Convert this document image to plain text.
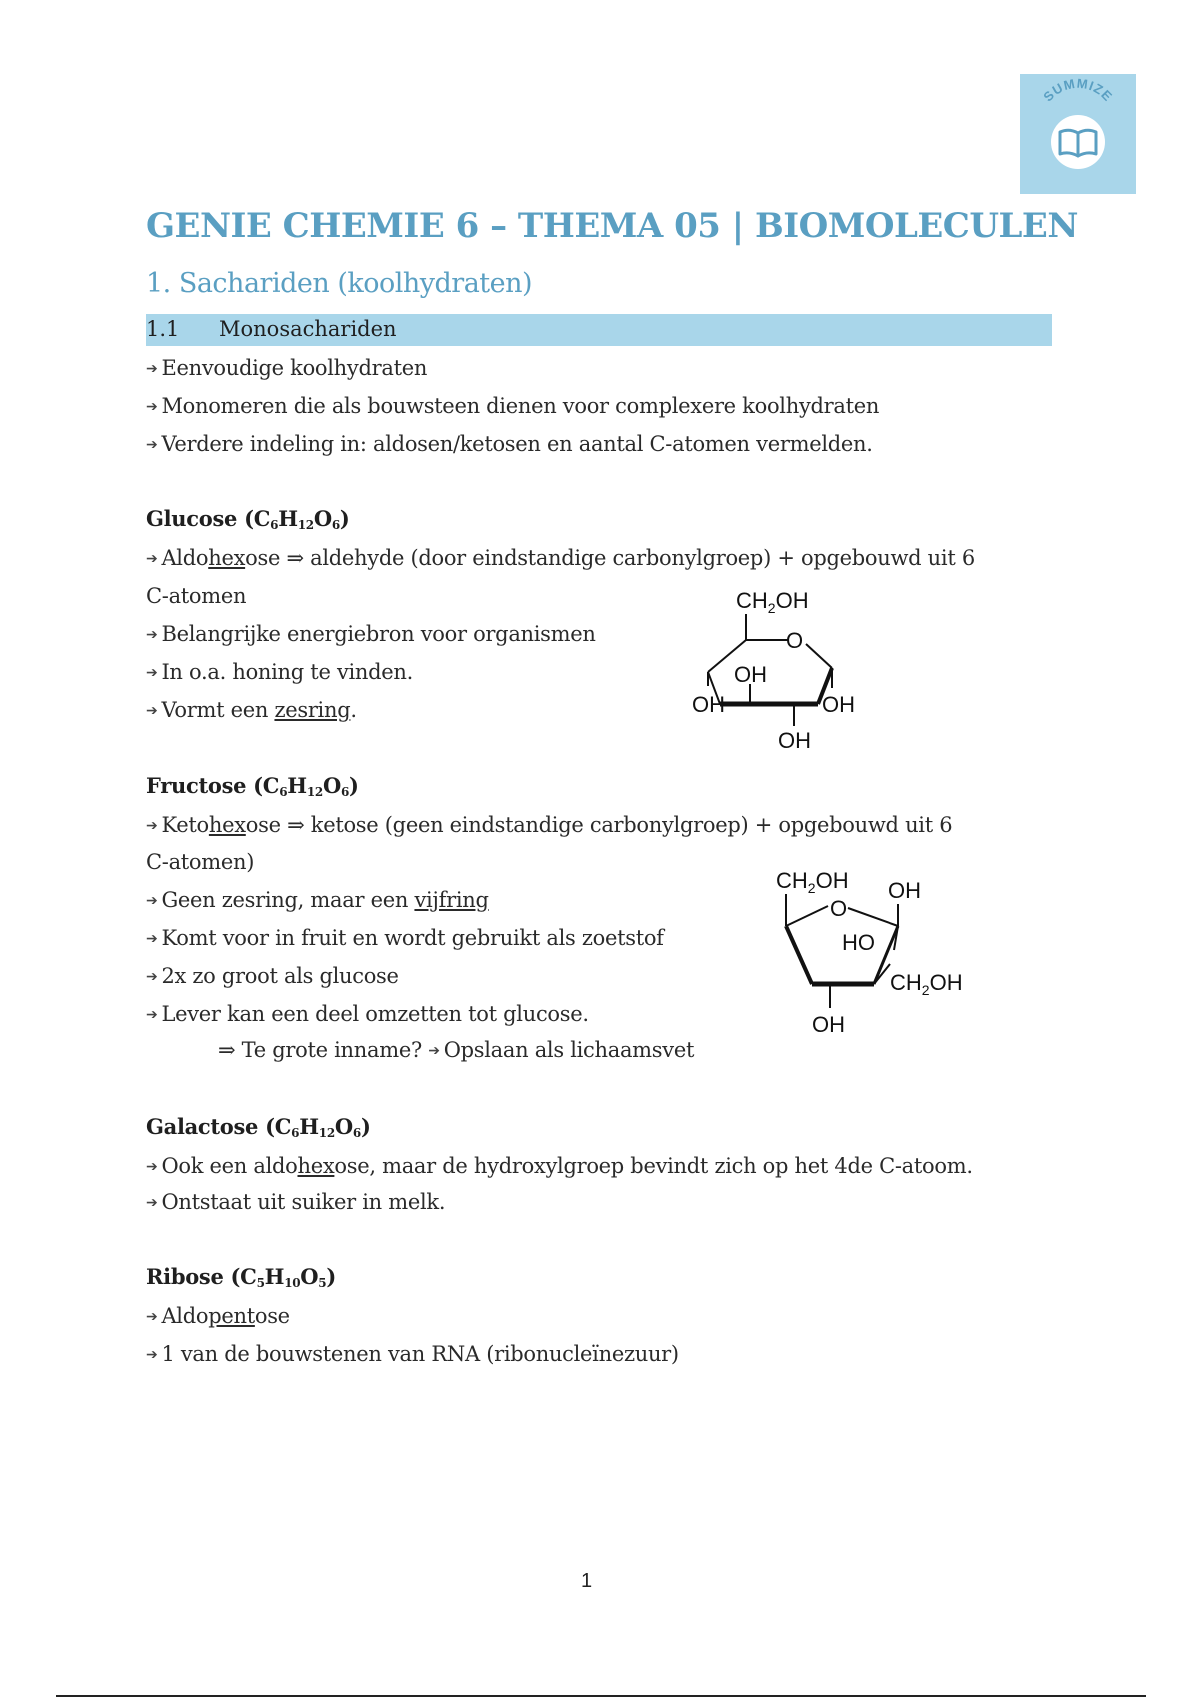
SUMMIZE
GENIE CHEMIE 6 – THEMA 05 | BIOMOLECULEN
1. Sachariden (koolhydraten)
1.1 Monosachariden

➔ Eenvoudige koolhydraten

➔ Monomeren die als bouwsteen dienen voor complexere koolhydraten

➔ Verdere indeling in: aldosen/ketosen en aantal C-atomen vermelden.

Glucose $(C_6H_{12}O_6)$

➔ Aldohexose ⇒ aldehyde (door eindstandige carbonylgroep) + opgebouwd uit 6

C-atomen

➔ Belangrijke energiebron voor organismen

➔ In o.a. honing te vinden.

➔ Vormt een zesring.

$CH_2OH$
O
OH
OH	OH
OH

Fructose $(C_6H_{12}O_6)$

➔ Ketohexose ⇒ ketose (geen eindstandige carbonylgroep) + opgebouwd uit 6

C-atomen)

➔ Geen zesring, maar een vijfring

➔ Komt voor in fruit en wordt gebruikt als zoetstof

➔ 2x zo groot als glucose

➔ Lever kan een deel omzetten tot glucose.

⇒ Te grote inname? ➔ Opslaan als lichaamsvet

$CH_2OH$ OH
O
HO
$CH_2OH$
OH

Galactose $(C_6H_{12}O_6)$

➔ Ook een aldohexose, maar de hydroxylgroep bevindt zich op het 4de C-atoom.

➔ Ontstaat uit suiker in melk.

Ribose $(C_5H_{10}O_5)$

➔ Aldopentose

➔ 1 van de bouwstenen van RNA (ribonucleïnezuur)

1
